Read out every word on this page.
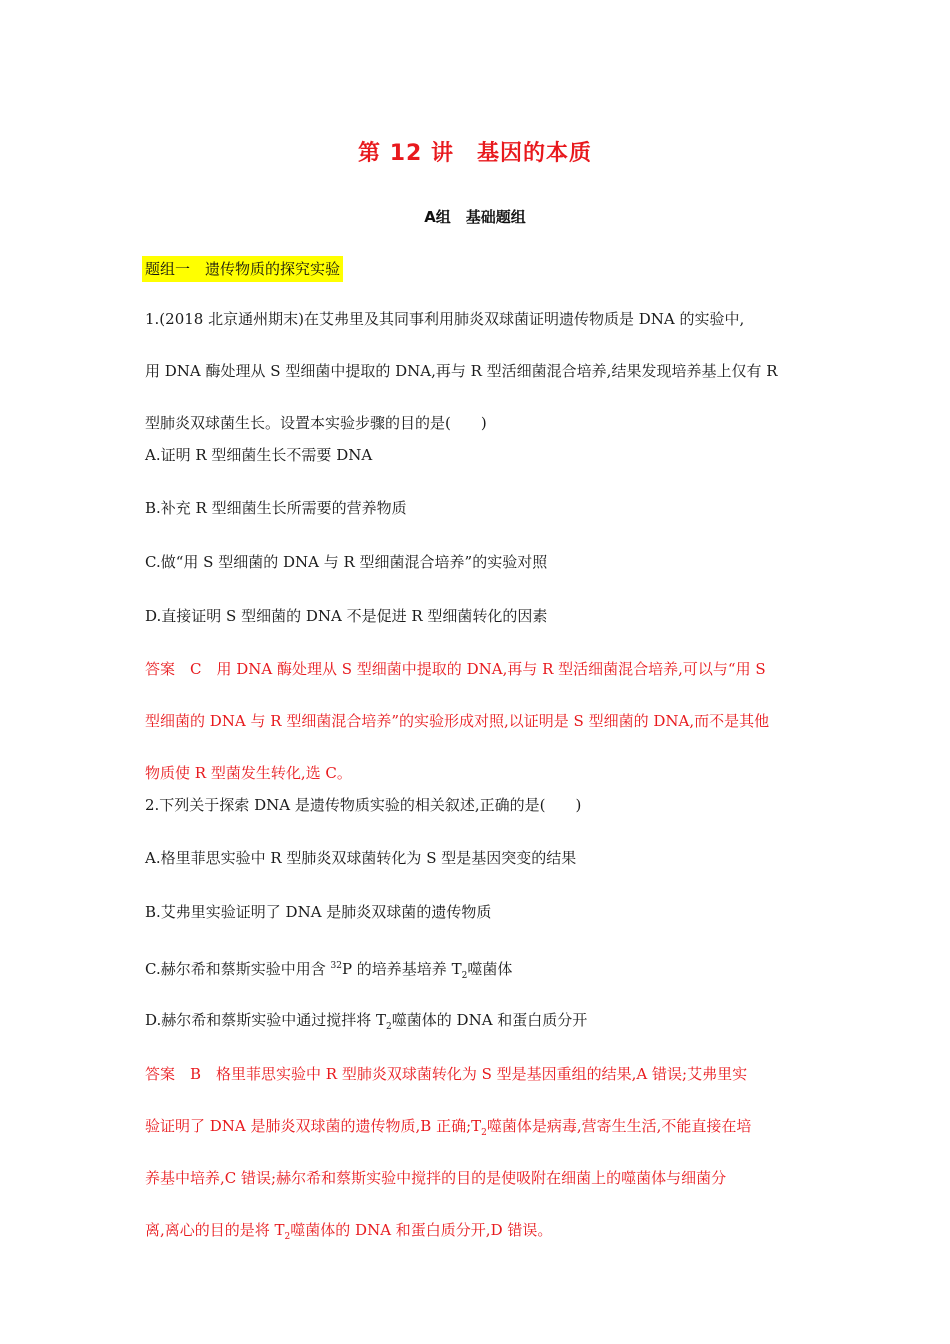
第 12 讲　基因的本质
A组　基础题组
题组一　遗传物质的探究实验
1.(2018 北京通州期末)在艾弗里及其同事利用肺炎双球菌证明遗传物质是 DNA 的实验中,
用 DNA 酶处理从 S 型细菌中提取的 DNA,再与 R 型活细菌混合培养,结果发现培养基上仅有 R
型肺炎双球菌生长。设置本实验步骤的目的是(　　)
A.证明 R 型细菌生长不需要 DNA
B.补充 R 型细菌生长所需要的营养物质
C.做“用 S 型细菌的 DNA 与 R 型细菌混合培养”的实验对照
D.直接证明 S 型细菌的 DNA 不是促进 R 型细菌转化的因素
答案　C　用 DNA 酶处理从 S 型细菌中提取的 DNA,再与 R 型活细菌混合培养,可以与“用 S
型细菌的 DNA 与 R 型细菌混合培养”的实验形成对照,以证明是 S 型细菌的 DNA,而不是其他
物质使 R 型菌发生转化,选 C。
2.下列关于探索 DNA 是遗传物质实验的相关叙述,正确的是(　　)
A.格里菲思实验中 R 型肺炎双球菌转化为 S 型是基因突变的结果
B.艾弗里实验证明了 DNA 是肺炎双球菌的遗传物质
C.赫尔希和蔡斯实验中用含 $^{32}$P 的培养基培养 $T_2$噬菌体
D.赫尔希和蔡斯实验中通过搅拌将 $T_2$噬菌体的 DNA 和蛋白质分开
答案　B　格里菲思实验中 R 型肺炎双球菌转化为 S 型是基因重组的结果,A 错误;艾弗里实
验证明了 DNA 是肺炎双球菌的遗传物质,B 正确$;T_2$噬菌体是病毒,营寄生生活,不能直接在培
养基中培养,C 错误;赫尔希和蔡斯实验中搅拌的目的是使吸附在细菌上的噬菌体与细菌分
离,离心的目的是将 $T_2$噬菌体的 DNA 和蛋白质分开,D 错误。
